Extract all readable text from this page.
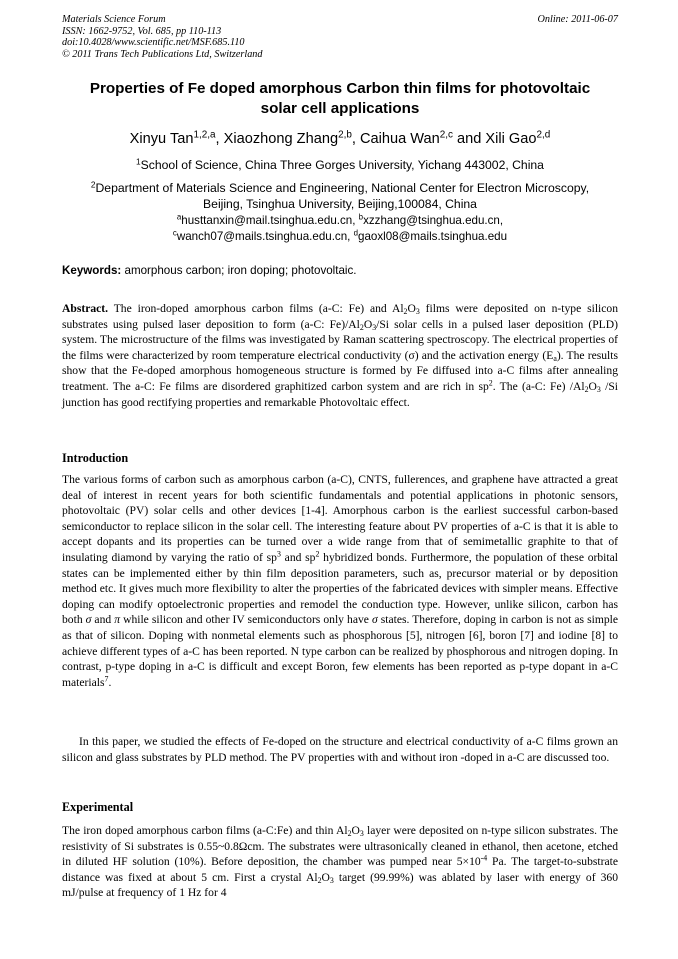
Materials Science Forum
ISSN: 1662-9752, Vol. 685, pp 110-113
doi:10.4028/www.scientific.net/MSF.685.110
© 2011 Trans Tech Publications Ltd, Switzerland
Online: 2011-06-07
Properties of Fe doped amorphous Carbon thin films for photovoltaic
solar cell applications
Xinyu Tan$^{1,2,a}$, Xiaozhong Zhang$^{2,b}$, Caihua Wan$^{2,c}$ and Xili Gao$^{2,d}$
$^1$School of Science, China Three Gorges University, Yichang 443002, China
$^2$Department of Materials Science and Engineering, National Center for Electron Microscopy,
Beijing, Tsinghua University, Beijing,100084, China
$^a$husttanxin@mail.tsinghua.edu.cn, $^b$xzzhang@tsinghua.edu.cn,
$^c$wanch07@mails.tsinghua.edu.cn, $^d$gaoxl08@mails.tsinghua.edu
Keywords: amorphous carbon; iron doping; photovoltaic.
Abstract. The iron-doped amorphous carbon films (a-C: Fe) and $Al_2O_3$ films were deposited on n-type silicon substrates using pulsed laser deposition to form (a-C: $Fe)/Al_2O_3/Si$ solar cells in a pulsed laser deposition (PLD) system. The microstructure of the films was investigated by Raman scattering spectroscopy. The electrical properties of the films were characterized by room temperature electrical conductivity (σ) and the activation energy $(E_a)$. The results show that the Fe-doped amorphous homogeneous structure is formed by Fe diffused into a-C films after annealing treatment. The a-C: Fe films are disordered graphitized carbon system and are rich in $sp^2$. The (a-C: Fe) $/Al_2O_3$ /Si junction has good rectifying properties and remarkable Photovoltaic effect.
Introduction
The various forms of carbon such as amorphous carbon (a-C), CNTS, fullerences, and graphene have attracted a great deal of interest in recent years for both scientific fundamentals and potential applications in photonic sensors, photovoltaic (PV) solar cells and other devices [1-4]. Amorphous carbon is the earliest successful carbon-based semiconductor to replace silicon in the solar cell. The interesting feature about PV properties of a-C is that it is able to accept dopants and its properties can be turned over a wide range from that of semimetallic graphite to that of insulating diamond by varying the ratio of $sp^3$ and $sp^2$ hybridized bonds. Furthermore, the population of these orbital states can be implemented either by thin film deposition parameters, such as, precursor material or by deposition method etc. It gives much more flexibility to alter the properties of the fabricated devices with simpler means. Effective doping can modify optoelectronic properties and remodel the conduction type. However, unlike silicon, carbon has both σ and π while silicon and other IV semiconductors only have σ states. Therefore, doping in carbon is not as simple as that of silicon. Doping with nonmetal elements such as phosphorous [5], nitrogen [6], boron [7] and iodine [8] to achieve different types of a-C has been reported. N type carbon can be realized by phosphorous and nitrogen doping. In contrast, p-type doping in a-C is difficult and except Boron, few elements has been reported as p-type dopant in a-C materials$^7$.
In this paper, we studied the effects of Fe-doped on the structure and electrical conductivity of a-C films grown an silicon and glass substrates by PLD method. The PV properties with and without iron -doped in a-C are discussed too.
Experimental
The iron doped amorphous carbon films (a-C:Fe) and thin $Al_2O_3$ layer were deposited on n-type silicon substrates. The resistivity of Si substrates is 0.55~0.8Ωcm. The substrates were ultrasonically cleaned in ethanol, then acetone, etched in diluted HF solution (10%). Before deposition, the chamber was pumped near $5\times 10^{-4}$ Pa. The target-to-substrate distance was fixed at about 5 cm. First a crystal $Al_2O_3$ target (99.99%) was ablated by laser with energy of 360 mJ/pulse at frequency of 1 Hz for 4
